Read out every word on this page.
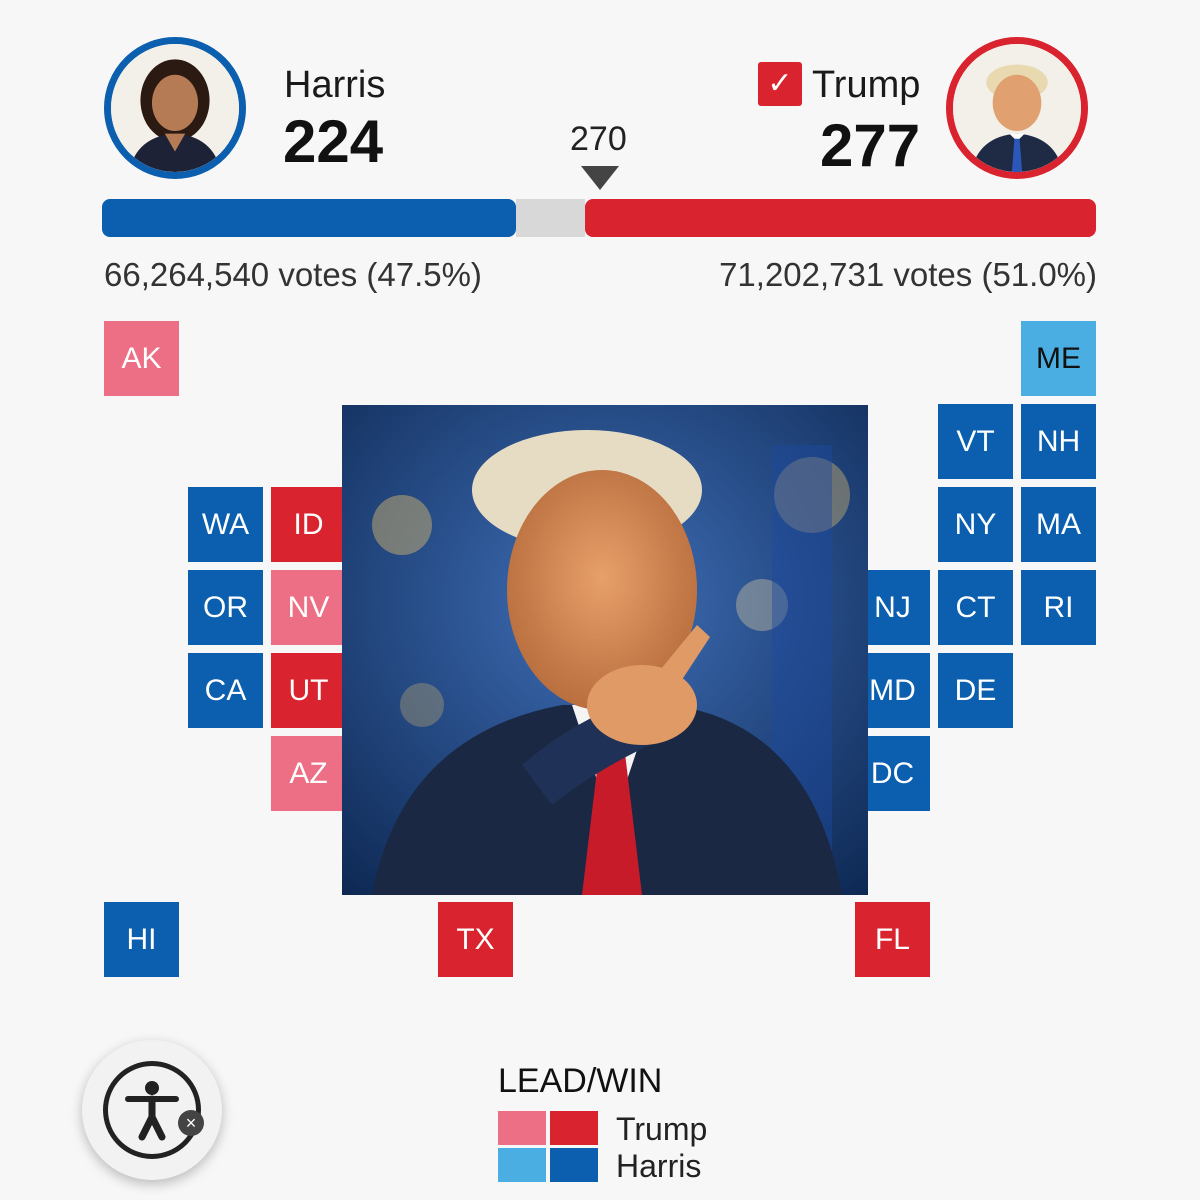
Harris
224	270
✓ Trump
277
66,264,540 votes (47.5%)	71,202,731 votes (51.0%)
AK	ME
VT NH
WA ID	NY MA
OR NV	NJ CT RI
CA UT	MD DE
AZ	DC
HI	TX	FL
×
LEAD/WIN
Trump
Harris
